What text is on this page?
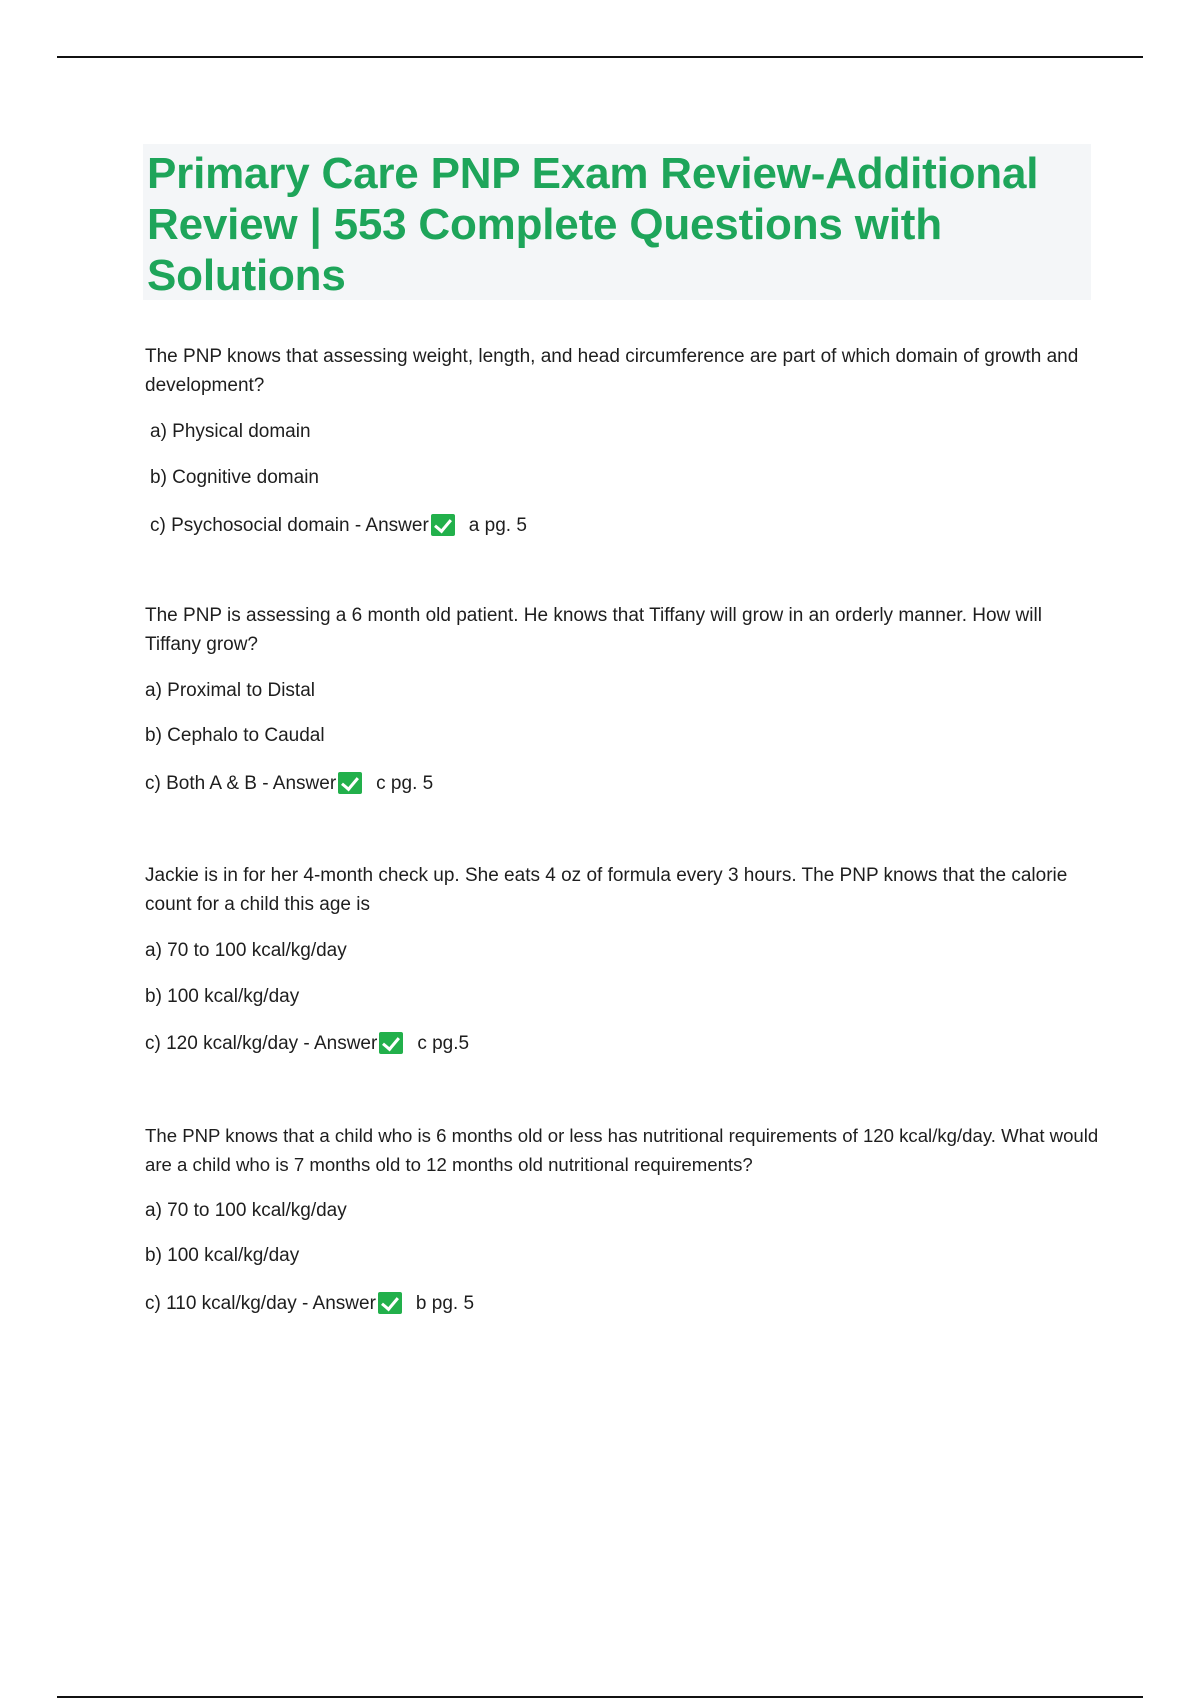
Primary Care PNP Exam Review-Additional Review | 553 Complete Questions with Solutions

The PNP knows that assessing weight, length, and head circumference are part of which domain of growth and development?

a) Physical domain
b) Cognitive domain
c) Psychosocial domain - Answer a pg. 5

The PNP is assessing a 6 month old patient. He knows that Tiffany will grow in an orderly manner. How will Tiffany grow?

a) Proximal to Distal
b) Cephalo to Caudal
c) Both A & B - Answer c pg. 5

Jackie is in for her 4-month check up. She eats 4 oz of formula every 3 hours. The PNP knows that the calorie count for a child this age is

a) 70 to 100 kcal/kg/day
b) 100 kcal/kg/day
c) 120 kcal/kg/day - Answer c pg.5

The PNP knows that a child who is 6 months old or less has nutritional requirements of 120 kcal/kg/day. What would are a child who is 7 months old to 12 months old nutritional requirements?

a) 70 to 100 kcal/kg/day
b) 100 kcal/kg/day
c) 110 kcal/kg/day - Answer b pg. 5
